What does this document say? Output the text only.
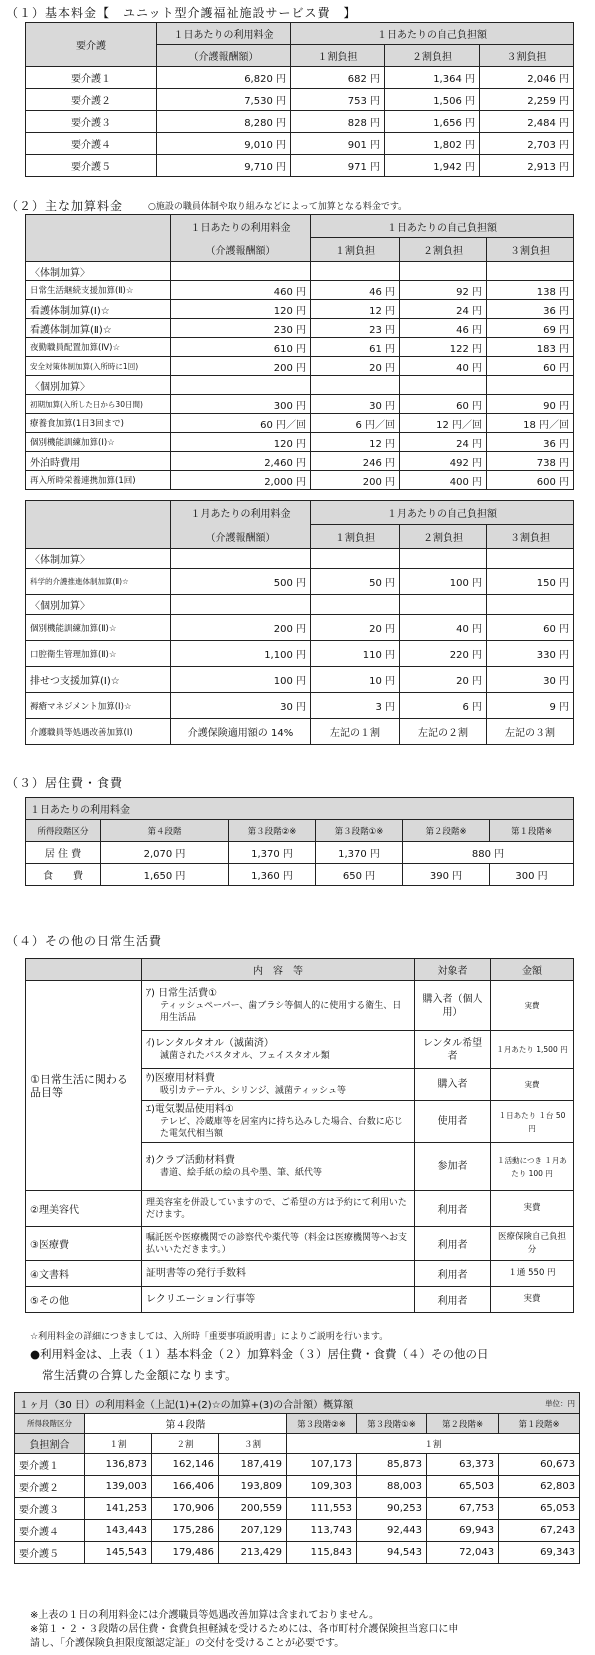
（１）基本料金【　ユニット型介護福祉施設サービス費　】
要介護	１日あたりの利用料金	１日あたりの自己負担額		
	（介護報酬額）	１割負担	２割負担	３割負担
要介護１	6,820 円	682 円	1,364 円	2,046 円
要介護２	7,530 円	753 円	1,506 円	2,259 円
要介護３	8,280 円	828 円	1,656 円	2,484 円
要介護４	9,010 円	901 円	1,802 円	2,703 円
要介護５	9,710 円	971 円	1,942 円	2,913 円
（２）主な加算料金	○施設の職員体制や取り組みなどによって加算となる料金です。
	１日あたりの利用料金	１日あたりの自己負担額		
	（介護報酬額）	１割負担	２割負担	３割負担
〈体制加算〉				
日常生活継続支援加算(Ⅱ)☆	460 円	46 円	92 円	138 円
看護体制加算(Ⅰ)☆	120 円	12 円	24 円	36 円
看護体制加算(Ⅱ)☆	230 円	23 円	46 円	69 円
夜勤職員配置加算(Ⅳ)☆	610 円	61 円	122 円	183 円
安全対策体制加算(入所時に1回)	200 円	20 円	40 円	60 円
〈個別加算〉				
初期加算(入所した日から30日間)	300 円	30 円	60 円	90 円
療養食加算(1日3回まで)	60 円／回	6 円／回	12 円／回	18 円／回
個別機能訓練加算(Ⅰ)☆	120 円	12 円	24 円	36 円
外泊時費用	2,460 円	246 円	492 円	738 円
再入所時栄養連携加算(1回)	2,000 円	200 円	400 円	600 円
	１月あたりの利用料金	１月あたりの自己負担額		
	（介護報酬額）	１割負担	２割負担	３割負担
〈体制加算〉				
科学的介護推進体制加算(Ⅱ)☆	500 円	50 円	100 円	150 円
〈個別加算〉				
個別機能訓練加算(Ⅱ)☆	200 円	20 円	40 円	60 円
口腔衛生管理加算(Ⅱ)☆	1,100 円	110 円	220 円	330 円
排せつ支援加算(Ⅰ)☆	100 円	10 円	20 円	30 円
褥瘡マネジメント加算(Ⅰ)☆	30 円	3 円	6 円	9 円
介護職員等処遇改善加算(Ⅰ)	介護保険適用額の 14%	左記の１割	左記の２割	左記の３割
（３）居住費・食費
１日あたりの利用料金					
所得段階区分	第４段階	第３段階②※	第３段階①※	第２段階※	第１段階※
居 住 費	2,070 円	1,370 円	1,370 円	880 円	
食　　費	1,650 円	1,360 円	650 円	390 円	300 円
（４）その他の日常生活費
	内　容　等	対象者	金額
①日常生活に関わる品目等	ｱ) 日常生活費①
ティッシュペーパー、歯ブラシ等個人的に使用する衛生、日用生活品	購入者（個人用）	実費

	ｲ)レンタルタオル（滅菌済）
滅菌されたバスタオル、フェイスタオル類	レンタル希望者	１月あたり 1,500 円

	ｳ)医療用材料費
吸引カテーテル、シリンジ、滅菌ティッシュ等	購入者	実費

	ｴ)電気製品使用料①
テレビ、冷蔵庫等を居室内に持ち込みした場合、台数に応じた電気代相当額	使用者	１日あたり １台 50 円

	ｵ)クラブ活動材料費
書道、絵手紙の絵の具や墨、筆、紙代等	参加者	１活動につき １月あたり 100 円
②理美容代	理美容室を併設していますので、ご希望の方は予約にて利用いただけます。	利用者	実費
③医療費	嘱託医や医療機関での診察代や薬代等（料金は医療機関等へお支払いいただきます。）	利用者	医療保険自己負担分
④文書料	証明書等の発行手数料	利用者	１通 550 円
⑤その他	レクリエーション行事等	利用者	実費
☆利用料金の詳細につきましては、入所時「重要事項説明書」によりご説明を行います。
●利用料金は、上表（１）基本料金（２）加算料金（３）居住費・食費（４）その他の日
常生活費の合算した金額になります。
１ヶ月（30 日）の利用料金（上記(1)+(2)☆の加算+(3)の合計額）概算額							単位：円
所得段階区分	第４段階			第３段階②※	第３段階①※	第２段階※	第１段階※
負担割合	１割	２割	３割	１割			
要介護１	136,873	162,146	187,419	107,173	85,873	63,373	60,673
要介護２	139,003	166,406	193,809	109,303	88,003	65,503	62,803
要介護３	141,253	170,906	200,559	111,553	90,253	67,753	65,053
要介護４	143,443	175,286	207,129	113,743	92,443	69,943	67,243
要介護５	145,543	179,486	213,429	115,843	94,543	72,043	69,343
※上表の１日の利用料金には介護職員等処遇改善加算は含まれておりません。
※第１・２・３段階の居住費・食費負担軽減を受けるためには、各市町村介護保険担当窓口に申
請し、「介護保険負担限度額認定証」の交付を受けることが必要です。
